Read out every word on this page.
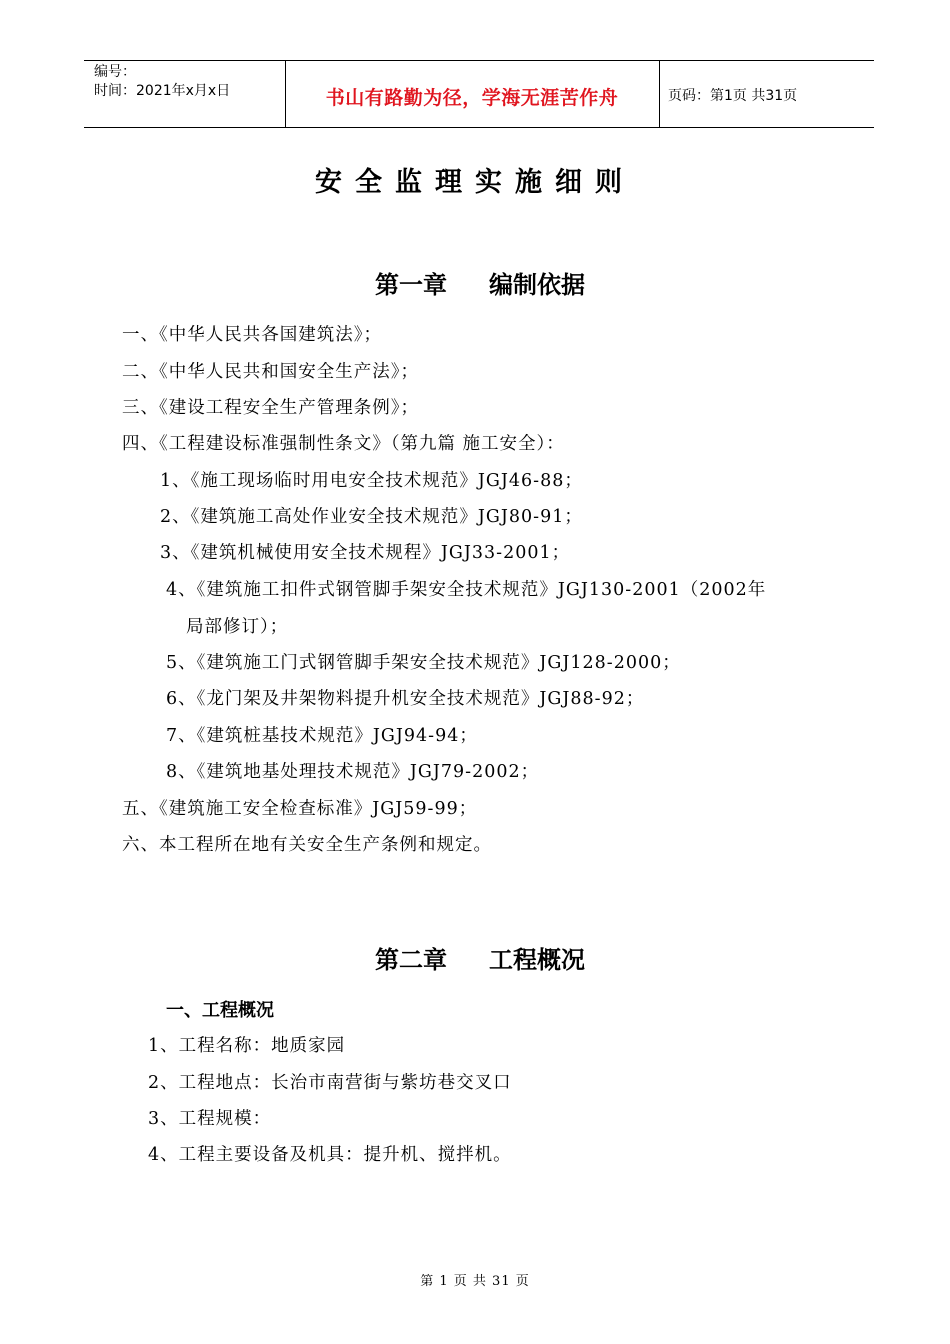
编号：
时间：2021年x月x日	书山有路勤为径，学海无涯苦作舟	页码：第1页 共31页
安全监理实施细则
第一章 编制依据
一、《中华人民共各国建筑法》；
二、《中华人民共和国安全生产法》；
三、《建设工程安全生产管理条例》；
四、《工程建设标准强制性条文》（第九篇 施工安全）：
1、《施工现场临时用电安全技术规范》JGJ46-88；
2、《建筑施工高处作业安全技术规范》JGJ80-91；
3、《建筑机械使用安全技术规程》JGJ33-2001；
4、《建筑施工扣件式钢管脚手架安全技术规范》JGJ130-2001（2002年
局部修订）；
5、《建筑施工门式钢管脚手架安全技术规范》JGJ128-2000；
6、《龙门架及井架物料提升机安全技术规范》JGJ88-92；
7、《建筑桩基技术规范》JGJ94-94；
8、《建筑地基处理技术规范》JGJ79-2002；
五、《建筑施工安全检查标准》JGJ59-99；
六、本工程所在地有关安全生产条例和规定。
第二章 工程概况
一、工程概况
1、工程名称：地质家园
2、工程地点：长治市南营街与紫坊巷交叉口
3、工程规模：
4、工程主要设备及机具：提升机、搅拌机。
第 1 页 共 31 页
